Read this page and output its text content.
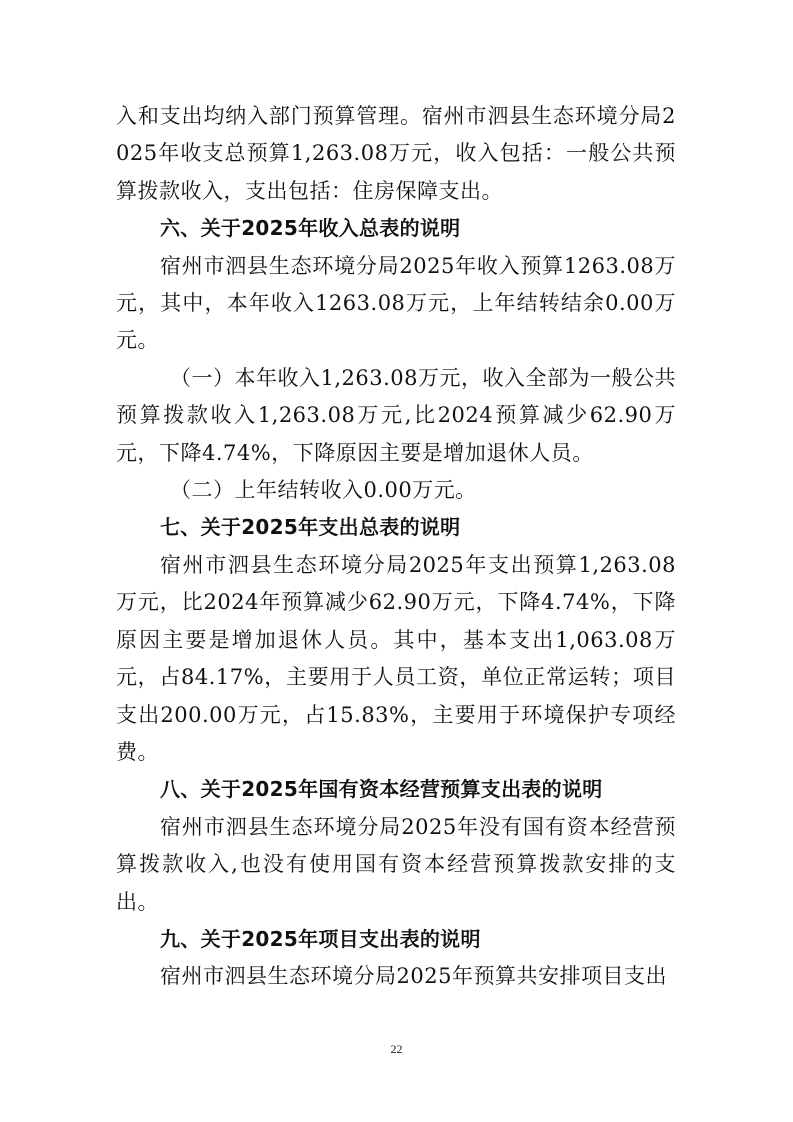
入和支出均纳入部门预算管理。宿州市泗县生态环境分局2025年收支总预算1,263.08万元，收入包括：一般公共预算拨款收入，支出包括：住房保障支出。

六、关于2025年收入总表的说明

宿州市泗县生态环境分局2025年收入预算1263.08万元，其中，本年收入1263.08万元，上年结转结余0.00万元。

（一）本年收入1,263.08万元，收入全部为一般公共预算拨款收入1,263.08万元,比2024预算减少62.90万元，下降4.74%，下降原因主要是增加退休人员。

（二）上年结转收入0.00万元。

七、关于2025年支出总表的说明

宿州市泗县生态环境分局2025年支出预算1,263.08万元，比2024年预算减少62.90万元，下降4.74%，下降原因主要是增加退休人员。其中，基本支出1,063.08万元，占84.17%，主要用于人员工资，单位正常运转；项目支出200.00万元，占15.83%，主要用于环境保护专项经费。

八、关于2025年国有资本经营预算支出表的说明

宿州市泗县生态环境分局2025年没有国有资本经营预算拨款收入,也没有使用国有资本经营预算拨款安排的支出。

九、关于2025年项目支出表的说明

宿州市泗县生态环境分局2025年预算共安排项目支出

22
